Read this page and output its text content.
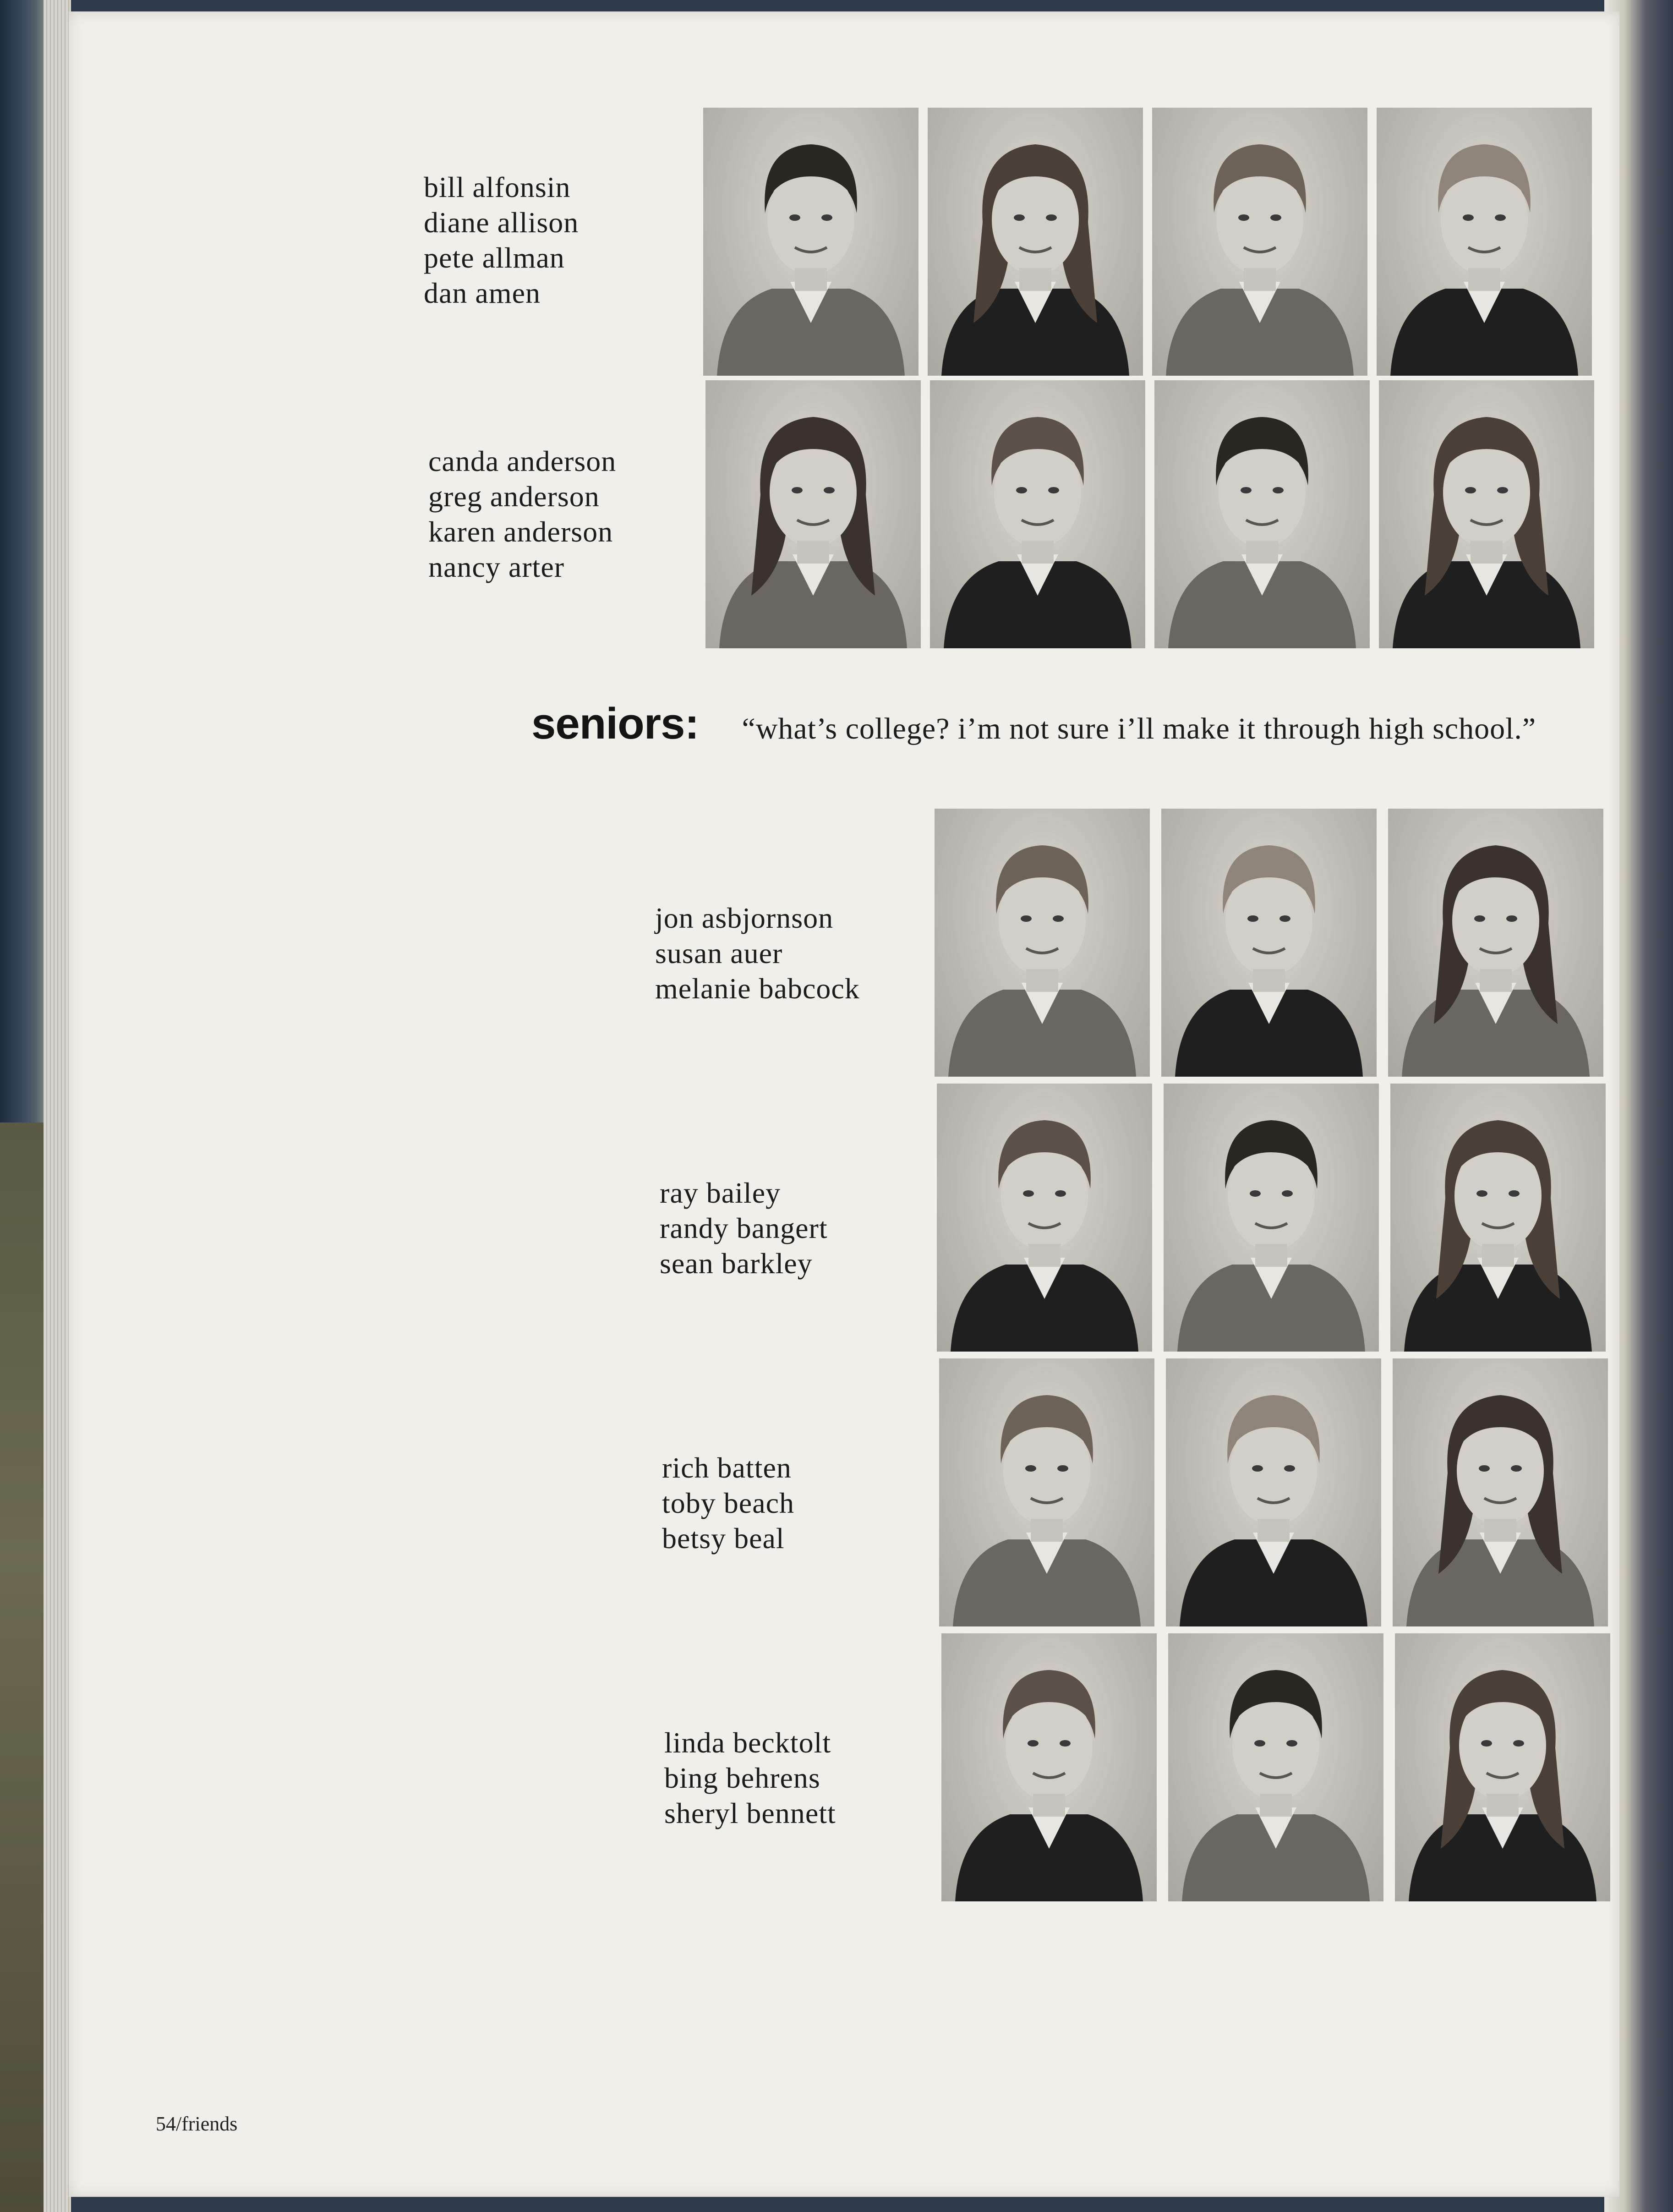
bill alfonsin
diane allison
pete allman
dan amen
canda anderson
greg anderson
karen anderson
nancy arter
jon asbjornson
susan auer
melanie babcock
ray bailey
randy bangert
sean barkley
rich batten
toby beach
betsy beal
linda becktolt
bing behrens
sheryl bennett
seniors: “what’s college? i’m not sure i’ll make it through high school.”
54/friends
